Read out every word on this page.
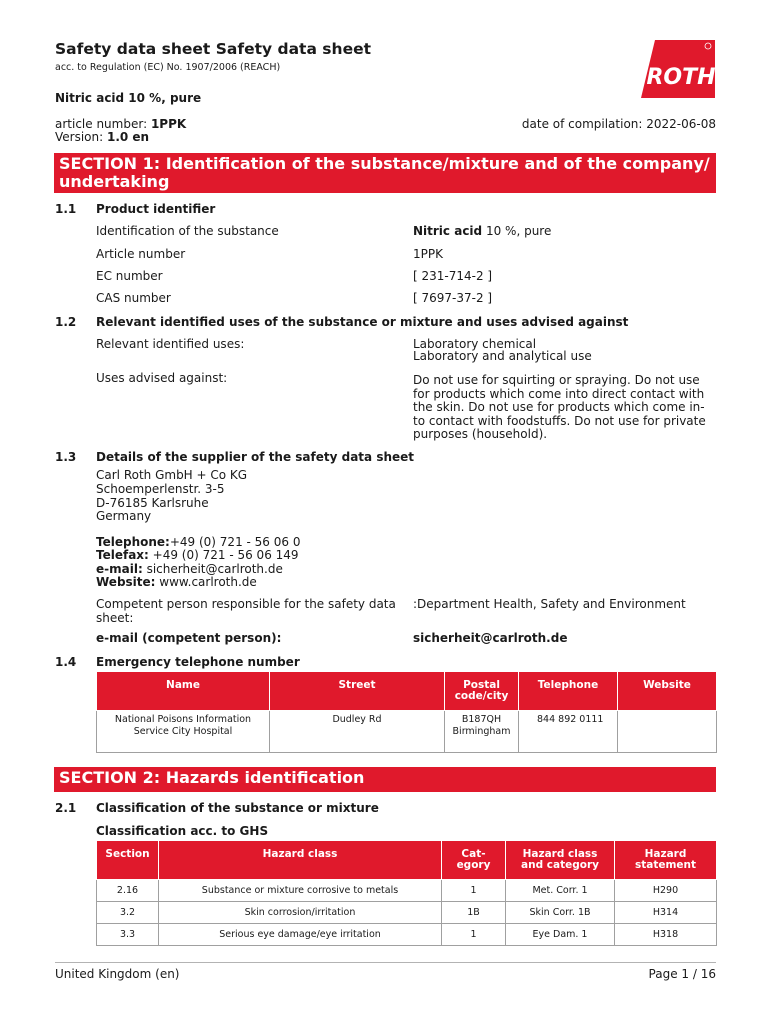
Safety data sheet Safety data sheet
acc. to Regulation (EC) No. 1907/2006 (REACH)	ROTH
Nitric acid 10 %, pure
article number: 1PPK
Version: 1.0 en
date of compilation: 2022-06-08
SECTION 1: Identification of the substance/mixture and of the company/ undertaking
1.1 Product identifier
Identification of the substance	Nitric acid 10 %, pure
Article number	1PPK
EC number	[ 231-714-2 ]
CAS number	[ 7697-37-2 ]
1.2 Relevant identified uses of the substance or mixture and uses advised against
Relevant identified uses:	Laboratory chemical
Laboratory and analytical use
Uses advised against:	Do not use for squirting or spraying. Do not use for products which come into direct contact with the skin. Do not use for products which come in-to contact with foodstuffs. Do not use for private purposes (household).
1.3 Details of the supplier of the safety data sheet
Carl Roth GmbH + Co KG
Schoemperlenstr. 3-5
D-76185 Karlsruhe
Germany
Telephone:+49 (0) 721 - 56 06 0
Telefax: +49 (0) 721 - 56 06 149
e-mail: sicherheit@carlroth.de
Website: www.carlroth.de
Competent person responsible for the safety data sheet:
:Department Health, Safety and Environment
e-mail (competent person):	sicherheit@carlroth.de
1.4 Emergency telephone number
Name	Street	Postal code/city	Telephone	Website
National Poisons Information Service City Hospital	Dudley Rd	B187QH Birmingham	844 892 0111	
SECTION 2: Hazards identification
2.1 Classification of the substance or mixture
Classification acc. to GHS
Section	Hazard class	Cat-egory	Hazard class and category	Hazard statement
2.16	Substance or mixture corrosive to metals	1	Met. Corr. 1	H290
3.2	Skin corrosion/irritation	1B	Skin Corr. 1B	H314
3.3	Serious eye damage/eye irritation	1	Eye Dam. 1	H318
United Kingdom (en)	Page 1 / 16
